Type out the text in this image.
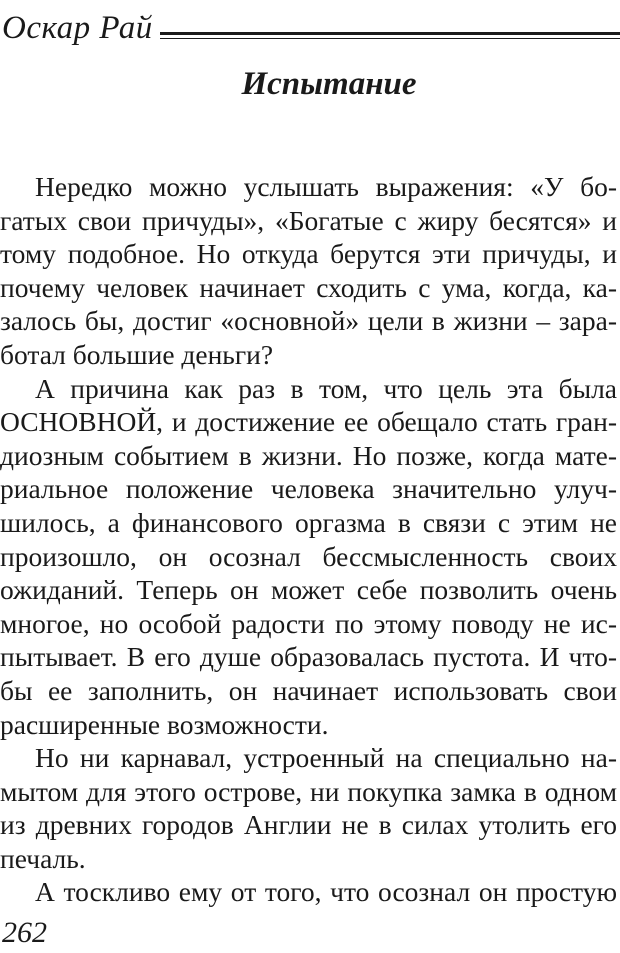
Оскар Рай
Испытание
Нередко можно услышать выражения: «У бо-
гатых свои причуды», «Богатые с жиру бесятся» и
тому подобное. Но откуда берутся эти причуды, и
почему человек начинает сходить с ума, когда, ка-
залось бы, достиг «основной» цели в жизни – зара-
ботал большие деньги?
А причина как раз в том, что цель эта была
ОСНОВНОЙ, и достижение ее обещало стать гран-
диозным событием в жизни. Но позже, когда мате-
риальное положение человека значительно улуч-
шилось, а финансового оргазма в связи с этим не
произошло, он осознал бессмысленность своих
ожиданий. Теперь он может себе позволить очень
многое, но особой радости по этому поводу не ис-
пытывает. В его душе образовалась пустота. И что-
бы ее заполнить, он начинает использовать свои
расширенные возможности.
Но ни карнавал, устроенный на специально на-
мытом для этого острове, ни покупка замка в одном
из древних городов Англии не в силах утолить его
печаль.
А тоскливо ему от того, что осознал он простую
262
